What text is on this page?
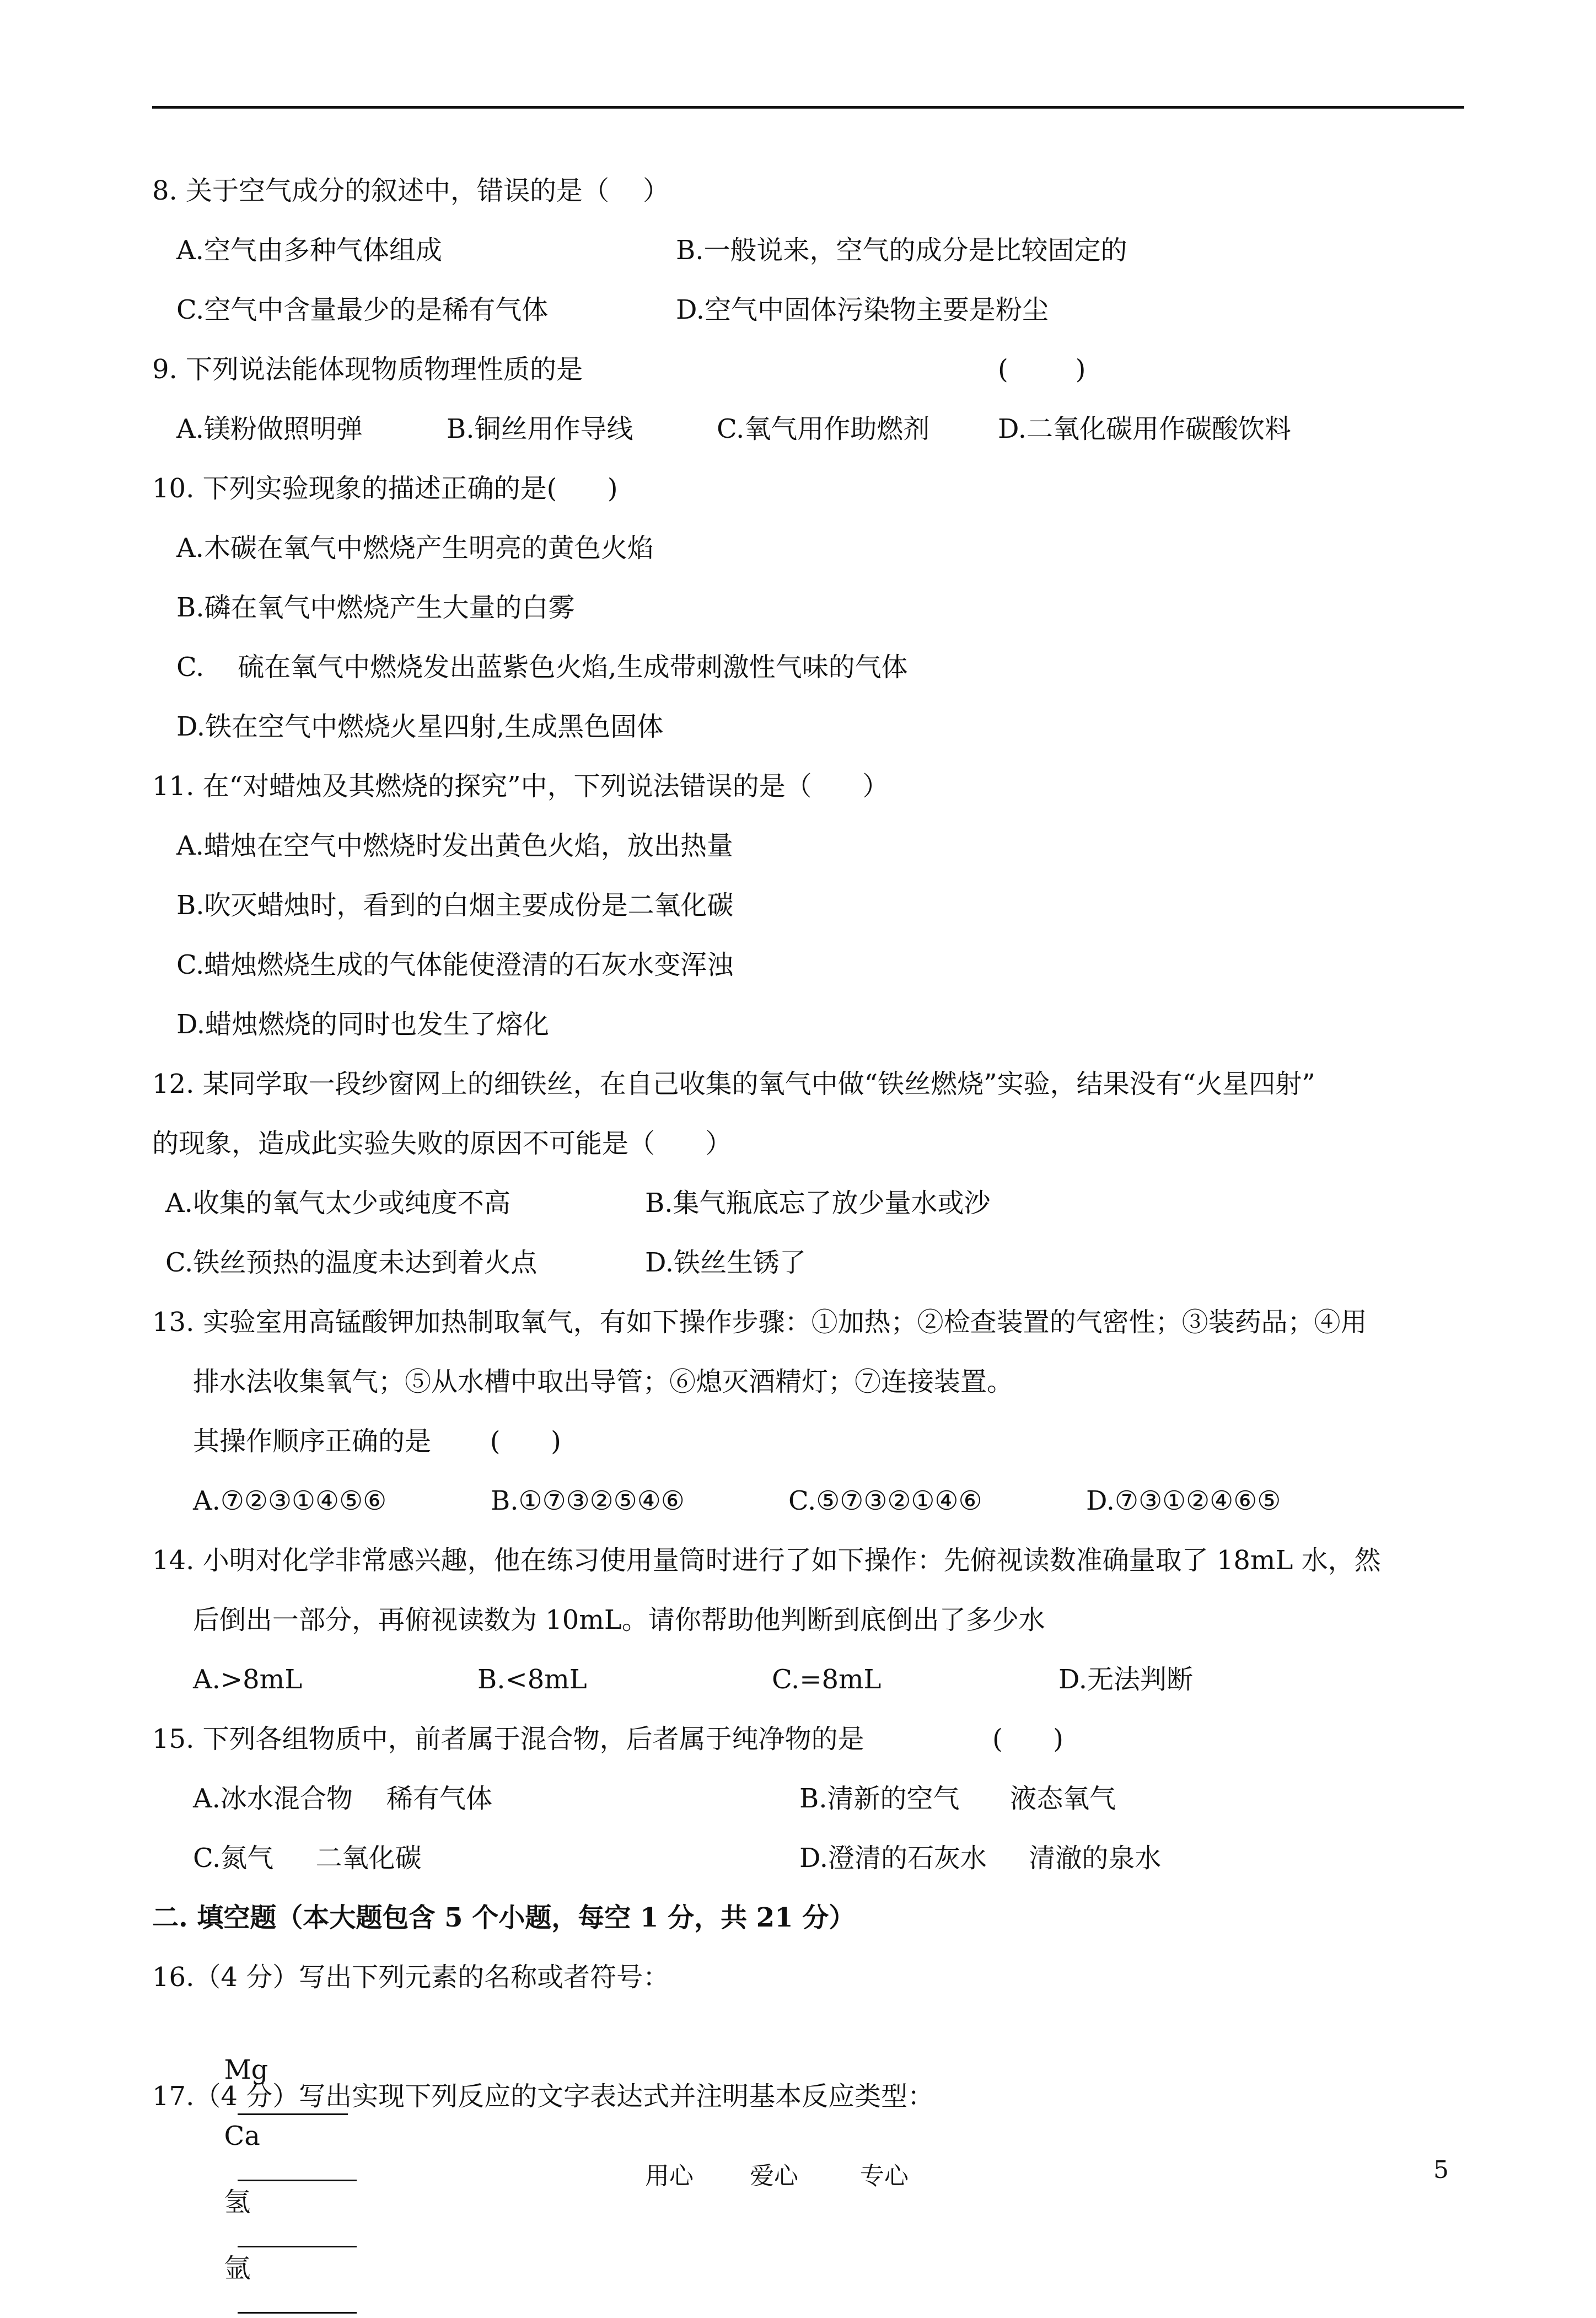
8. 关于空气成分的叙述中，错误的是（    ）
A.空气由多种气体组成	B.一般说来，空气的成分是比较固定的
C.空气中含量最少的是稀有气体	D.空气中固体污染物主要是粉尘
9. 下列说法能体现物质物理性质的是	(        )
A.镁粉做照明弹	B.铜丝用作导线	C.氧气用作助燃剂	D.二氧化碳用作碳酸饮料
10. 下列实验现象的描述正确的是(      )
A.木碳在氧气中燃烧产生明亮的黄色火焰
B.磷在氧气中燃烧产生大量的白雾
C.    硫在氧气中燃烧发出蓝紫色火焰,生成带刺激性气味的气体
D.铁在空气中燃烧火星四射,生成黑色固体
11. 在“对蜡烛及其燃烧的探究”中，下列说法错误的是（      ）
A.蜡烛在空气中燃烧时发出黄色火焰，放出热量
B.吹灭蜡烛时，看到的白烟主要成份是二氧化碳
C.蜡烛燃烧生成的气体能使澄清的石灰水变浑浊
D.蜡烛燃烧的同时也发生了熔化
12. 某同学取一段纱窗网上的细铁丝，在自己收集的氧气中做“铁丝燃烧”实验，结果没有“火星四射”
的现象，造成此实验失败的原因不可能是（      ）
A.收集的氧气太少或纯度不高	B.集气瓶底忘了放少量水或沙
C.铁丝预热的温度未达到着火点	D.铁丝生锈了
13. 实验室用高锰酸钾加热制取氧气，有如下操作步骤：①加热；②检查装置的气密性；③装药品；④用
排水法收集氧气；⑤从水槽中取出导管；⑥熄灭酒精灯；⑦连接装置。
其操作顺序正确的是       (      )
A.⑦②③①④⑤⑥	B.①⑦③②⑤④⑥	C.⑤⑦③②①④⑥	D.⑦③①②④⑥⑤
14. 小明对化学非常感兴趣，他在练习使用量筒时进行了如下操作：先俯视读数准确量取了 18mL 水，然
后倒出一部分，再俯视读数为 10mL。请你帮助他判断到底倒出了多少水
A.>8mL	B.<8mL	C.=8mL	D.无法判断
15. 下列各组物质中，前者属于混合物，后者属于纯净物的是	(      )
A.冰水混合物    稀有气体	B.清新的空气      液态氧气
C.氮气     二氧化碳	D.澄清的石灰水     清澈的泉水
二. 填空题（本大题包含 5 个小题，每空 1 分，共 21 分）
16.（4 分）写出下列元素的名称或者符号：

Mg

Ca

氢

氩

17.（4 分）写出实现下列反应的文字表达式并注明基本反应类型：
用心 爱心	专心	5
